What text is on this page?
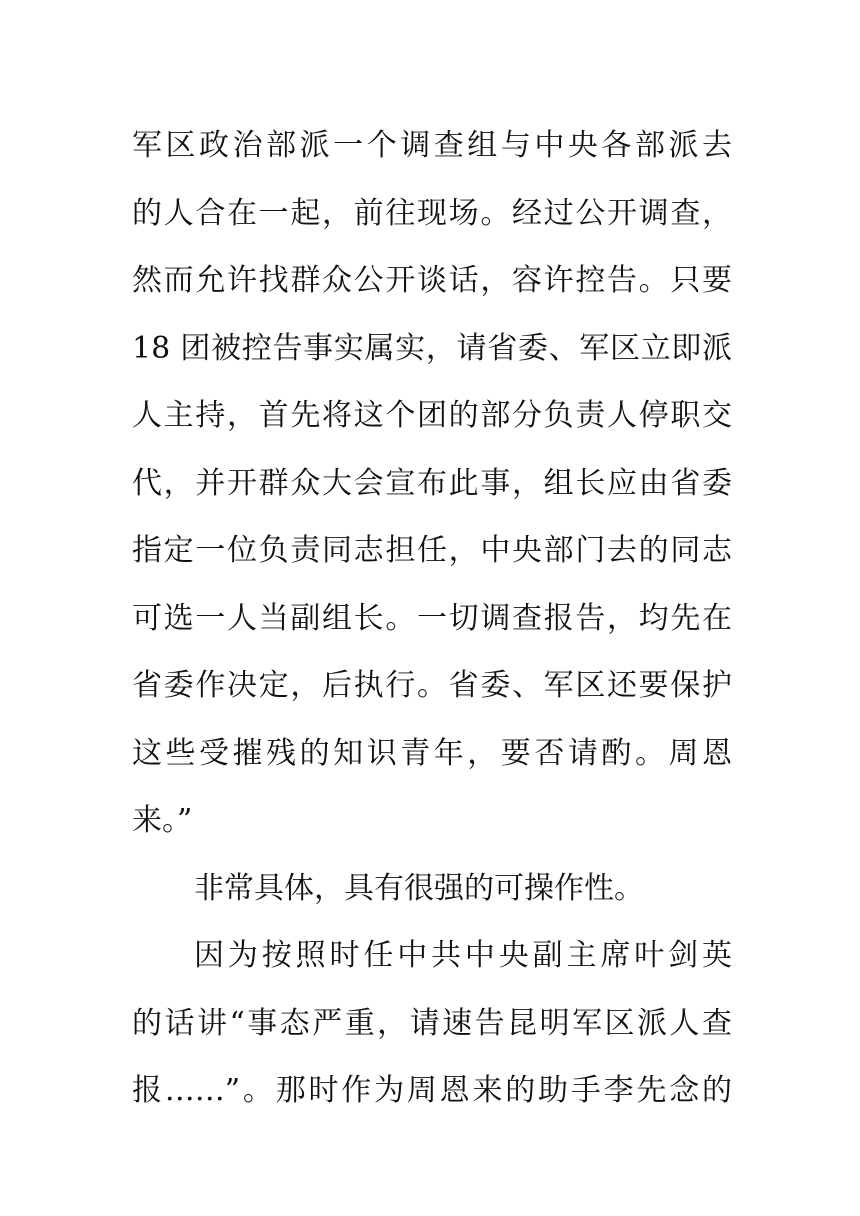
军区政治部派一个调查组与中央各部派去
的人合在一起，前往现场。经过公开调查，
然而允许找群众公开谈话，容许控告。只要
18 团被控告事实属实，请省委、军区立即派
人主持，首先将这个团的部分负责人停职交
代，并开群众大会宣布此事，组长应由省委
指定一位负责同志担任，中央部门去的同志
可选一人当副组长。一切调查报告，均先在
省委作决定，后执行。省委、军区还要保护
这些受摧残的知识青年，要否请酌。周恩
来。”
非常具体，具有很强的可操作性。
因为按照时任中共中央副主席叶剑英
的话讲“事态严重，请速告昆明军区派人查
报……”。那时作为周恩来的助手李先念的
